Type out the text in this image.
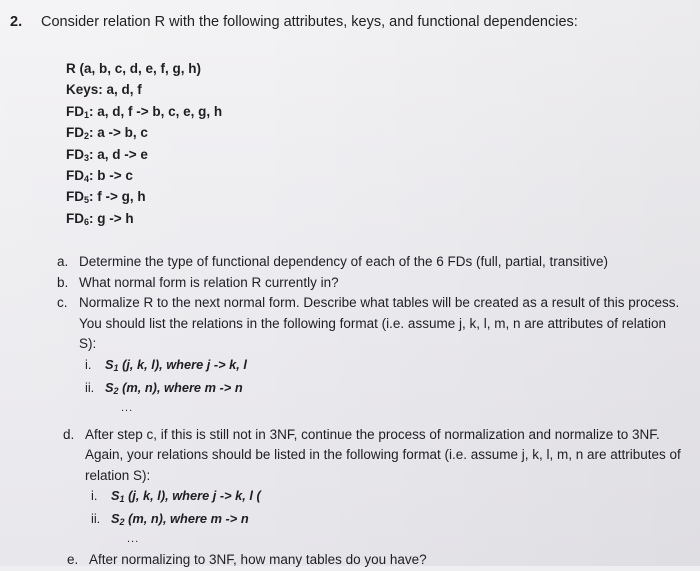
2. Consider relation R with the following attributes, keys, and functional dependencies:
R (a, b, c, d, e, f, g, h)
Keys: a, d, f
$FD_1$: a, d, f -> b, c, e, g, h
$FD_2$: a -> b, c
$FD_3$: a, d -> e
$FD_4$: b -> c
$FD_5$: f -> g, h
$FD_6$: g -> h
a. Determine the type of functional dependency of each of the 6 FDs (full, partial, transitive)
b. What normal form is relation R currently in?
c. Normalize R to the next normal form. Describe what tables will be created as a result of this process. You should list the relations in the following format (i.e. assume j, k, l, m, n are attributes of relation S):
i. $S_1$ (j, k, l), where j -> k, l
ii. $S_2$ (m, n), where m -> n
...
d. After step c, if this is still not in 3NF, continue the process of normalization and normalize to 3NF. Again, your relations should be listed in the following format (i.e. assume j, k, l, m, n are attributes of relation S):
i. $S_1$ (j, k, l), where j -> k, l (
ii. $S_2$ (m, n), where m -> n
...
e. After normalizing to 3NF, how many tables do you have?
